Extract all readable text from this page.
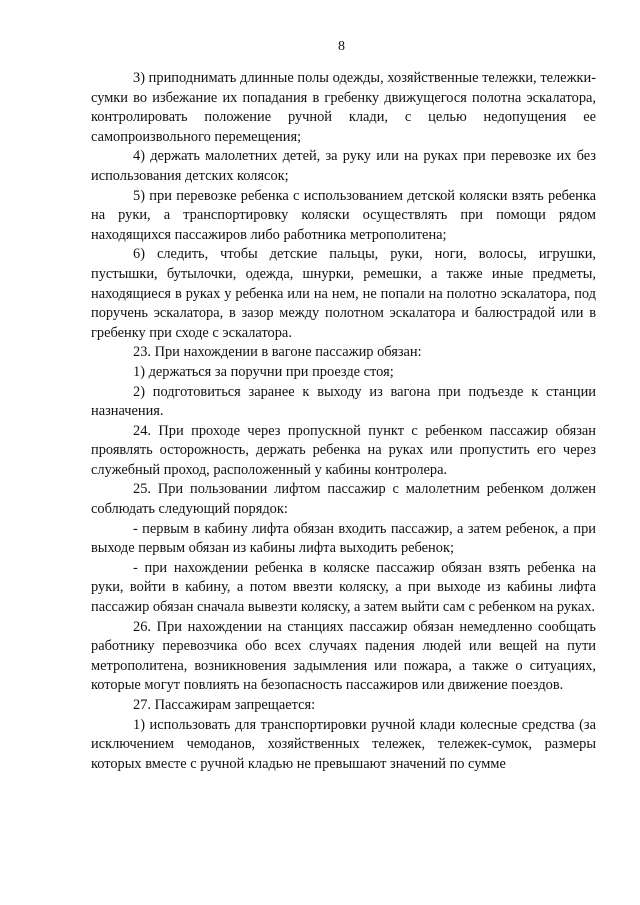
8

3) приподнимать длинные полы одежды, хозяйственные тележки, тележки-сумки во избежание их попадания в гребенку движущегося полотна эскалатора, контролировать положение ручной клади, с целью недопущения ее самопроизвольного перемещения;

4) держать малолетних детей, за руку или на руках при перевозке их без использования детских колясок;

5) при перевозке ребенка с использованием детской коляски взять ребенка на руки, а транспортировку коляски осуществлять при помощи рядом находящихся пассажиров либо работника метрополитена;

6) следить, чтобы детские пальцы, руки, ноги, волосы, игрушки, пустышки, бутылочки, одежда, шнурки, ремешки, а также иные предметы, находящиеся в руках у ребенка или на нем, не попали на полотно эскалатора, под поручень эскалатора, в зазор между полотном эскалатора и балюстрадой или в гребенку при сходе с эскалатора.

23. При нахождении в вагоне пассажир обязан:

1) держаться за поручни при проезде стоя;

2) подготовиться заранее к выходу из вагона при подъезде к станции назначения.

24. При проходе через пропускной пункт с ребенком пассажир обязан проявлять осторожность, держать ребенка на руках или пропустить его через служебный проход, расположенный у кабины контролера.

25. При пользовании лифтом пассажир с малолетним ребенком должен соблюдать следующий порядок:

- первым в кабину лифта обязан входить пассажир, а затем ребенок, а при выходе первым обязан из кабины лифта выходить ребенок;

- при нахождении ребенка в коляске пассажир обязан взять ребенка на руки, войти в кабину, а потом ввезти коляску, а при выходе из кабины лифта пассажир обязан сначала вывезти коляску, а затем выйти сам с ребенком на руках.

26. При нахождении на станциях пассажир обязан немедленно сообщать работнику перевозчика обо всех случаях падения людей или вещей на пути метрополитена, возникновения задымления или пожара, а также о ситуациях, которые могут повлиять на безопасность пассажиров или движение поездов.

27. Пассажирам запрещается:

1) использовать для транспортировки ручной клади колесные средства (за исключением чемоданов, хозяйственных тележек, тележек-сумок, размеры которых вместе с ручной кладью не превышают значений по сумме
